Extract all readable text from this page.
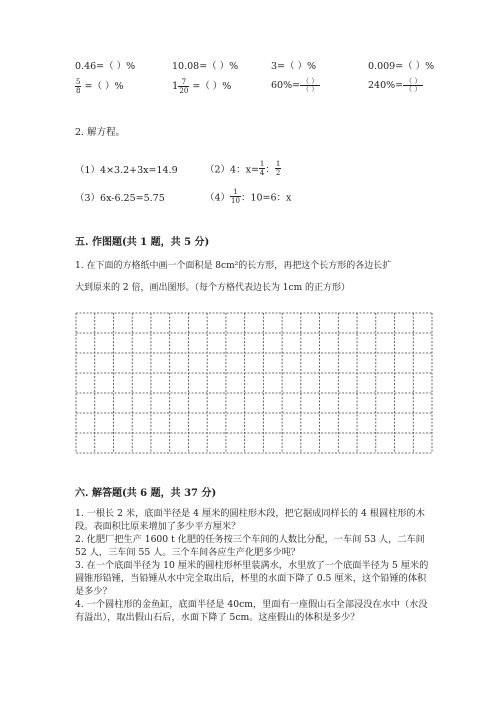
0.46=（ ）%	10.08=（ ）%	3=（ ）%	0.009=（ ）%
$\frac{5}{8}$ =（ ）%	$1 \frac{7}{20}$ =（ ）%	$60\%= \frac{( )}{( )}$	$240\%= \frac{( )}{( )}$
2. 解方程。
（1）4×3.2+3x=14.9	（2）4：$x= \frac{1}{4}$ ： $\frac{1}{2}$
（3）6x-6.25=5.75	$(4) \frac{1}{10}$ ：10=6：x
五. 作图题(共 1 题，共 5 分)
1. 在下面的方格纸中画一个面积是 8cm²的长方形，再把这个长方形的各边长扩
大到原来的 2 倍，画出图形。（每个方格代表边长为 1cm 的正方形）
六. 解答题(共 6 题，共 37 分)
1. 一根长 2 米，底面半径是 4 厘米的圆柱形木段，把它据成同样长的 4 根圆柱形的木段。表面积比原来增加了多少平方厘米？
2. 化肥厂把生产 1600 t 化肥的任务按三个车间的人数比分配，一车间 53 人，二车间 52 人，三车间 55 人。三个车间各应生产化肥多少吨？
3. 在一个底面半径为 10 厘米的圆柱形杯里装满水，水里放了一个底面半径为 5 厘米的圆锥形铅锤，当铅锤从水中完全取出后，杯里的水面下降了 0.5 厘米，这个铅锤的体积是多少？
4. 一个圆柱形的金鱼缸，底面半径是 40cm，里面有一座假山石全部浸没在水中（水没有溢出），取出假山石后，水面下降了 5cm。这座假山的体积是多少？
